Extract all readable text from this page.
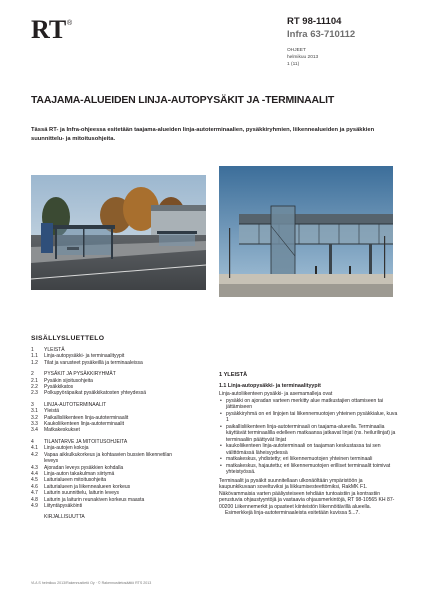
RT ®	RT 98-11104
Infra 63-710112
OHJEET
helmikuu 2013
1 (11)
TAAJAMA-ALUEIDEN LINJA-AUTOPYSÄKIT JA -TERMINAALIT
Tässä RT- ja Infra-ohjeessa esitetään taajama-alueiden linja-autoterminaalien, pysäkkiryhmien, liikennealueiden ja pysäkkien suunnittelu- ja mitoitusohjeita.
SISÄLLYSLUETTELO
1	YLEISTÄ
1.1	Linja-autopysäkki- ja terminaalityypit
1.2	Tilat ja varusteet pysäkeillä ja terminaaleissa
2	PYSÄKIT JA PYSÄKKIRYHMÄT
2.1	Pysäkin sijoitusohjeita
2.2	Pysäkkikatos
2.3	Polkupyöräpaikat pysäkkikatosten yhteydessä
3	LINJA-AUTOTERMINAALIT
3.1	Yleistä
3.2	Paikallisliikenteen linja-autoterminaalit
3.3	Kaukoliikenteen linja-autoterminaalit
3.4	Matkakeskukset
4	TILANTARVE JA MITOITUSOHJEITA
4.1	Linja-autojen kokoja
4.2	Vapaa aikkulkukorkeus ja kohtaavien bussien liikennetilan leveys
4.3	Ajoradan leveys pysäkkien kohdalla
4.4	Linja-auton takakulman siirtymä
4.5	Laiturialueen mitoitusohjeita
4.6	Laiturialueen ja liikennealueen korkeus
4.7	Laiturin suunnittelu, laiturin leveys
4.8	Laiturin ja laiturin reunakiven korkeus maasta
4.9	Liityntäpysäköinti
KIRJALLISUUTTA
1 YLEISTÄ
1.1 Linja-autopysäkki- ja terminaalityypit
Linja-autoliikenteen pysäkki- ja asemamalleja ovat
• pysäkki on ajoradan varteen merkitty alue matkustajien ottamiseen tai jättämiseen
• pysäkkiryhmä on eri linjojen tai liikennemuotojen yhteinen pysäkkialue, kuva 1
• paikallisliikenteen linja-autoterminaali on taajama-alueella. Terminaalia käyttävät terminaalilla edelleen matkaansa jatkavat linjat (ns. heilurilinjat) ja terminaaliin päättyvät linjat
• kaukoliikenteen linja-autoterminaali on taajaman keskustassa tai sen välittömässä läheisyydessä
• matkakeskus, yhdistetty; eri liikennemuotojen yhteinen terminaali
• matkakeskus, hajautettu; eri liikennemuotojen erilliset terminaalit toimivat yhteistyössä.
Terminaalit ja pysäkit suunnitellaan ulkonäöltään ympäristöön ja kaupunkikuvaan soveltuviksi ja liikkumisesteettömiksi, RakMK F1. Näkövammaisia varten pääliysteiseen tehdään tuntoaistiin ja kontrastiin perustuvia ohjaustyyntöjä ja vastaavia ohjausmerkintöjä, RT 98-10565 KH 87-00200 Liikennemerkit ja opasteet kiinteistön liikennöitävillä alueella.
Esimerkkejä linja-autoterminaaleista esitetään kuvissa 5...7.
VL/LS helmikuu 2013/Rakennustietö Oy · © Rakennustietosäätiö RTS 2013
